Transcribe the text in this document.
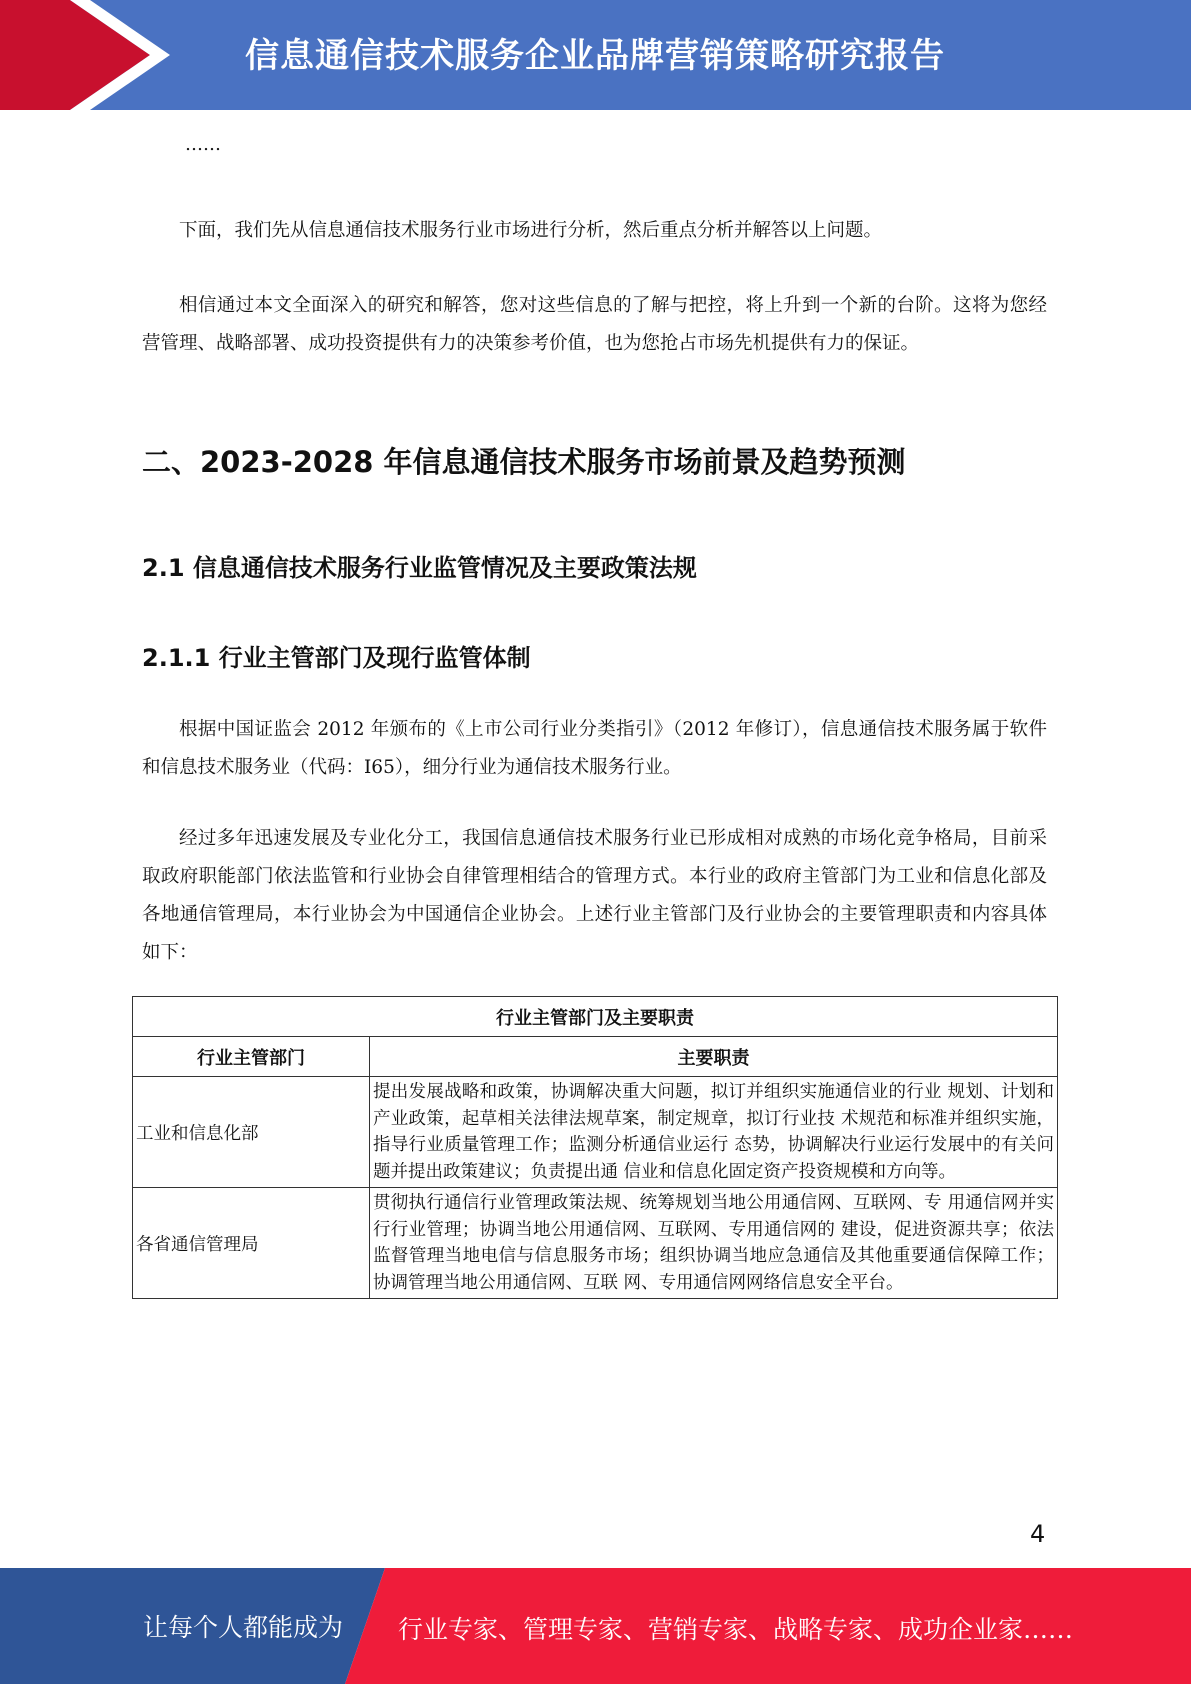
信息通信技术服务企业品牌营销策略研究报告
……

下面，我们先从信息通信技术服务行业市场进行分析，然后重点分析并解答以上问题。

相信通过本文全面深入的研究和解答，您对这些信息的了解与把控，将上升到一个新的台阶。这将为您经营管理、战略部署、成功投资提供有力的决策参考价值，也为您抢占市场先机提供有力的保证。

二、2023-2028 年信息通信技术服务市场前景及趋势预测
2.1 信息通信技术服务行业监管情况及主要政策法规
2.1.1 行业主管部门及现行监管体制

根据中国证监会 2012 年颁布的《上市公司行业分类指引》（2012 年修订），信息通信技术服务属于软件和信息技术服务业（代码：I65），细分行业为通信技术服务行业。

经过多年迅速发展及专业化分工，我国信息通信技术服务行业已形成相对成熟的市场化竞争格局，目前采取政府职能部门依法监管和行业协会自律管理相结合的管理方式。本行业的政府主管部门为工业和信息化部及各地通信管理局，本行业协会为中国通信企业协会。上述行业主管部门及行业协会的主要管理职责和内容具体如下：

行业主管部门及主要职责	
行业主管部门	主要职责
工业和信息化部	提出发展战略和政策，协调解决重大问题，拟订并组织实施通信业的行业 规划、计划和产业政策，起草相关法律法规草案，制定规章，拟订行业技 术规范和标准并组织实施，指导行业质量管理工作；监测分析通信业运行 态势，协调解决行业运行发展中的有关问题并提出政策建议；负责提出通 信业和信息化固定资产投资规模和方向等。
各省通信管理局	贯彻执行通信行业管理政策法规、统筹规划当地公用通信网、互联网、专 用通信网并实行行业管理；协调当地公用通信网、互联网、专用通信网的 建设，促进资源共享；依法监督管理当地电信与信息服务市场；组织协调当地应急通信及其他重要通信保障工作；协调管理当地公用通信网、互联 网、专用通信网网络信息安全平台。
4
让每个人都能成为 行业专家、管理专家、营销专家、战略专家、成功企业家……
